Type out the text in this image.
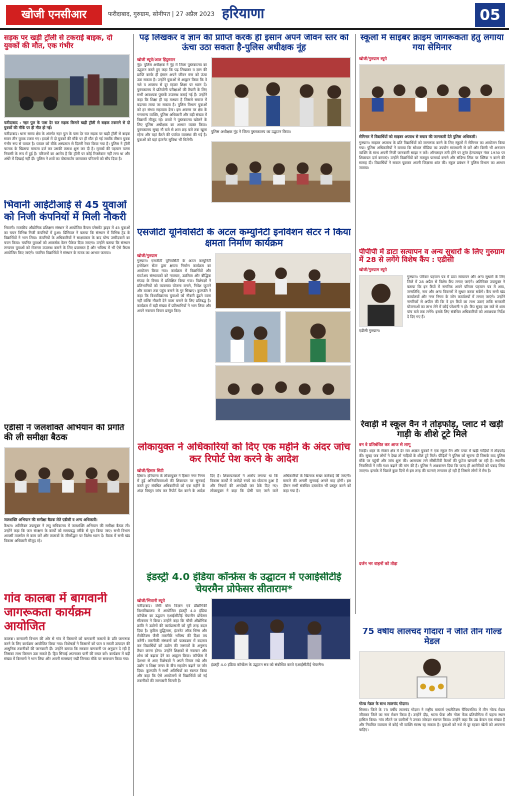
खोजी एनसीआर	फरीदाबाद, गुरुग्राम, सोनीपत | 27 अप्रैल 2023 हरियाणा	05
सड़क पर खड़ी ट्रॉली से टकराई बाइक, दो युवकों की मौत, एक गंभीर
फरीदाबाद : नहर पुल के पास देर रात सड़क किनारे खड़ी ट्रॉली से बाइक टकराने से दो युवकों की मौके पर ही मौत हो गई।
फरीदाबाद। थाना सराय क्षेत्र के अंतर्गत नहर पुल के पास देर रात सड़क पर खड़ी ट्रॉली से बाइक सवार तीन युवक टकरा गए। हादसे में दो युवकों की मौके पर ही मौत हो गई जबकि तीसरा युवक गंभीर रूप से घायल है। घायल को बीके अस्पताल से दिल्ली रेफर किया गया है। पुलिस ने ट्रॉली चालक के खिलाफ मामला दर्ज कर उसकी तलाश शुरू कर दी है। मृतकों की पहचान पल्ला निवासी के रूप में हुई है। परिजनों का आरोप है कि ट्रॉली पर कोई रिफ्लेक्टर नहीं लगा था और अंधेरे में दिखाई नहीं दी। पुलिस ने शवों का पोस्टमार्टम करवाकर परिजनों को सौंप दिया है।
भिवानी आईटीआई से 45 युवाओं को निजी कंपनियों में मिली नौकरी
भिवानी। राजकीय औद्योगिक प्रशिक्षण संस्थान में आयोजित कैंपस प्लेसमेंट ड्राइव में 45 युवाओं का चयन विभिन्न निजी कंपनियों में हुआ। प्रिंसिपल ने बताया कि संस्थान में विभिन्न ट्रेड के विद्यार्थियों ने भाग लिया। कंपनियों के अधिकारियों ने साक्षात्कार के बाद योग्य उम्मीदवारों का चयन किया। चयनित युवाओं को आकर्षक वेतन पैकेज दिया जाएगा। उन्होंने बताया कि संस्थान लगातार युवाओं को रोजगार उपलब्ध कराने के लिए प्रयासरत है और भविष्य में भी ऐसे कैंपस आयोजित किए जाएंगे। चयनित विद्यार्थियों ने संस्थान के स्टाफ का आभार जताया।
एडीसी ने जलशक्ति अभियान की प्रगति की ली समीक्षा बैठक
जलशक्ति अभियान की समीक्षा बैठक लेते एडीसी व अन्य अधिकारी।
कैथल। अतिरिक्त उपायुक्त ने लघु सचिवालय में जलशक्ति अभियान की समीक्षा बैठक ली। उन्होंने कहा कि जल संरक्षण के कार्यों को समयबद्ध तरीके से पूरा किया जाए। सभी विभाग आपसी तालमेल से काम करें और तालाबों के जीर्णोद्धार पर विशेष ध्यान दें। बैठक में सभी खंड विकास अधिकारी मौजूद रहे।
गांव कालबा में बागवानी जागरूकता कार्यक्रम आयोजित
कालबा। बागवानी विभाग की ओर से गांव में किसानों को बागवानी फसलों के प्रति जागरूक करने के लिए कार्यक्रम आयोजित किया गया। विशेषज्ञों ने किसानों को फल व सब्जी उत्पादन की आधुनिक तकनीकों की जानकारी दी। उन्होंने बताया कि सरकार बागवानी पर अनुदान दे रही है जिसका लाभ किसान उठा सकते हैं। ड्रिप सिंचाई अपनाकर पानी की बचत करें। कार्यक्रम में बड़ी संख्या में किसानों ने भाग लिया और अपनी समस्याएं रखीं जिनका मौके पर समाधान किया गया।
पढ़ लिखकर व ज्ञान की प्राप्ति करके ही इंसान अपने जीवन स्तर को ऊंचा उठा सकता है-पुलिस अधीक्षक नूंह
खोजी ब्यूरो/आल हिंदुस्तान
नूंह। पुलिस अधीक्षक ने नूंह में जिला पुस्तकालय का उद्घाटन करते हुए कहा कि पढ़ लिखकर व ज्ञान की प्राप्ति करके ही इंसान अपने जीवन स्तर को ऊंचा उठा सकता है। उन्होंने युवाओं से आह्वान किया कि वे नशे व अपराध से दूर रहकर शिक्षा पर ध्यान दें। पुस्तकालय में प्रतियोगी परीक्षाओं की तैयारी के लिए सभी आवश्यक पुस्तकें उपलब्ध कराई गई हैं। उन्होंने कहा कि शिक्षा ही वह माध्यम है जिससे समाज में बदलाव लाया जा सकता है। पुलिस विभाग युवाओं को हर संभव सहायता देगा। इस अवसर पर क्षेत्र के गणमान्य व्यक्ति, पुलिस अधिकारी और बड़ी संख्या में विद्यार्थी मौजूद रहे। छात्रों ने पुस्तकालय खोलने के लिए पुलिस अधीक्षक का आभार व्यक्त किया। पुस्तकालय सुबह नौ बजे से शाम छह बजे तक खुला रहेगा और यहां बैठने की पर्याप्त व्यवस्था की गई है। युवाओं को यहां इंटरनेट सुविधा भी मिलेगी।
पुलिस अधीक्षक नूंह ने जिला पुस्तकालय का उद्घाटन किया।
एसजीटी यूनिवर्सिटी के अटल कम्युनिटी इनोवेशन सेंटर ने किया क्षमता निर्माण कार्यक्रम
खोजी/गुरुग्राम
गुरुग्राम। एसजीटी यूनिवर्सिटी के अटल कम्युनिटी इनोवेशन सेंटर द्वारा क्षमता निर्माण कार्यक्रम का आयोजन किया गया। कार्यक्रम में विद्यार्थियों और स्टार्टअप संस्थापकों को नवाचार, उद्यमिता और बौद्धिक संपदा के विषय में प्रशिक्षित किया गया। विशेषज्ञों ने प्रतिभागियों को व्यवसाय योजना बनाने, निवेश जुटाने और बाजार तक पहुंच बनाने के गुर सिखाए। कुलपति ने कहा कि विश्वविद्यालय युवाओं को नौकरी ढूंढने वाला नहीं बल्कि नौकरी देने वाला बनाने के लिए प्रतिबद्ध है। कार्यक्रम में बड़ी संख्या में प्रतिभागियों ने भाग लिया और अपने नवाचार विचार प्रस्तुत किए।
लोकायुक्त ने अधिकारियों को दिए एक महीने के अंदर जांच कर रिपोर्ट पेश करने के आदेश
खोजी/हिसार सिटी
हिसार। हरियाणा के लोकायुक्त ने हिसार नगर निगम में हुई अनियमितताओं की शिकायत पर सुनवाई करते हुए संबंधित अधिकारियों को एक महीने के अंदर विस्तृत जांच कर रिपोर्ट पेश करने के आदेश दिए हैं। शिकायतकर्ता ने आरोप लगाया था कि विकास कार्यों में करोड़ों रुपये का घोटाला हुआ है और नियमों की अनदेखी कर ठेके दिए गए। लोकायुक्त ने कहा कि दोषी पाए जाने वाले अधिकारियों के खिलाफ सख्त कार्रवाई की जाएगी। मामले की अगली सुनवाई अगले माह होगी। इस दौरान सभी संबंधित दस्तावेज भी प्रस्तुत करने को कहा गया है।
इंडस्ट्री 4.0 इंडिया कॉन्फ्रेंस के उद्घाटन में एआईसीटीई चेयरमैन प्रोफेसर सीताराम*
खोजी/भिवानी ब्यूरो
फरीदाबाद। जेसी बोस विज्ञान एवं प्रौद्योगिकी विश्वविद्यालय में आयोजित इंडस्ट्री 4.0 इंडिया कॉन्फ्रेंस का उद्घाटन एआईसीटीई चेयरमैन प्रोफेसर सीताराम ने किया। उन्होंने कहा कि चौथी औद्योगिक क्रांति ने उद्योगों की कार्यप्रणाली को पूरी तरह बदल दिया है। कृत्रिम बुद्धिमत्ता, इंटरनेट ऑफ थिंग्स और रोबोटिक्स जैसी तकनीकें भविष्य की दिशा तय करेंगी। तकनीकी संस्थानों को पाठ्यक्रम में बदलाव कर विद्यार्थियों को उद्योग की जरूरतों के अनुरूप तैयार करना होगा। उन्होंने शिक्षकों से नवाचार और शोध को बढ़ावा देने का आह्वान किया। कॉन्फ्रेंस में देशभर से आए विशेषज्ञों ने अपने विचार रखे और उद्योग व शिक्षा जगत के बीच सहयोग बढ़ाने पर जोर दिया। कुलपति ने सभी अतिथियों का स्वागत किया और कहा कि ऐसे आयोजनों से विद्यार्थियों को नई तकनीकों की जानकारी मिलती है।
इंडस्ट्री 4.0 इंडिया कॉन्फ्रेंस के उद्घाटन सत्र को संबोधित करते एआईसीटीई चेयरमैन।
स्कूलों में साइबर क्राइम जागरूकता हेतु लगाया गया सेमिनार
खोजी/गुरुग्राम ब्यूरो
सेमिनार में विद्यार्थियों को साइबर अपराध से बचाव की जानकारी देते पुलिस अधिकारी।
गुरुग्राम। साइबर अपराध के प्रति विद्यार्थियों को जागरूक करने के लिए स्कूलों में सेमिनार का आयोजन किया गया। पुलिस अधिकारियों ने बताया कि सोशल मीडिया का उपयोग सावधानी से करें और किसी भी अनजान व्यक्ति के साथ अपनी निजी जानकारी साझा न करें। ऑनलाइन ठगी होने पर तुरंत हेल्पलाइन नंबर 1930 पर शिकायत दर्ज करवाएं। उन्होंने विद्यार्थियों को मजबूत पासवर्ड बनाने और संदिग्ध लिंक पर क्लिक न करने की सलाह दी। विद्यार्थियों ने सवाल पूछकर अपनी जिज्ञासा शांत की। स्कूल प्रबंधन ने पुलिस विभाग का आभार जताया।
पीपीपी में डाटा सत्यापन व अन्य सुधारों के लिए गुरुग्राम में 28 से लगेंगे विशेष कैंप : एडीसी
खोजी/गुरुग्राम ब्यूरो
एडीसी गुरुग्राम।
गुरुग्राम। परिवार पहचान पत्र में डाटा सत्यापन और अन्य सुधारों के लिए जिले में 28 अप्रैल से विशेष कैंप लगाए जाएंगे। अतिरिक्त उपायुक्त ने बताया कि इन कैंपों में नागरिक अपने परिवार पहचान पत्र में आय, जन्मतिथि, नाम और अन्य विवरणों में सुधार करवा सकेंगे। कैंप सभी खंड कार्यालयों और नगर निगम के जोन कार्यालयों में लगाए जाएंगे। उन्होंने नागरिकों से अपील की कि वे इन कैंपों का लाभ उठाएं ताकि सरकारी योजनाओं का लाभ लेने में कोई परेशानी न हो। कैंप सुबह दस बजे से शाम पांच बजे तक लगेंगे। इसके लिए संबंधित अधिकारियों को आवश्यक निर्देश दे दिए गए हैं।
रेवाड़ी में स्कूल वैन ने तोड़फोड़, प्लाट में खड़ी गाड़ी के शीशे टूटे मिले
वन वे प्रतिबंधित कर आज से लागू
रेवाड़ी। शहर के सेक्टर क्षेत्र में देर रात अज्ञात युवकों ने एक स्कूल वैन और प्लाट में खड़ी गाड़ियों में तोड़फोड़ की। सुबह जब लोगों ने देखा तो गाड़ियों के शीशे टूटे मिले। पीड़ितों ने पुलिस को सूचना दी जिसके बाद पुलिस मौके पर पहुंची और जांच शुरू की। आसपास लगे सीसीटीवी कैमरों की फुटेज खंगाली जा रही है। स्थानीय निवासियों ने रात्रि गश्त बढ़ाने की मांग की है। पुलिस ने आश्वासन दिया कि जल्द ही आरोपियों को पकड़ लिया जाएगा। इलाके में पिछले कुछ दिनों से इस तरह की घटनाएं लगातार हो रही हैं जिससे लोगों में रोष है।
दर्जन भर वाहनों को तोड़ा
75 वर्षीय लालचंद गोदारा ने जीते तीन गोल्ड मेडल
गोल्ड मेडल के साथ लालचंद गोदारा।
सिरसा। जिले के 75 वर्षीय लालचंद गोदारा ने राष्ट्रीय मास्टर्स एथलेटिक्स चैंपियनशिप में तीन गोल्ड मेडल जीतकर जिले का नाम रोशन किया है। उन्होंने दौड़, भाला फेंक और गोला फेंक प्रतियोगिता में पहला स्थान हासिल किया। गांव लौटने पर ग्रामीणों ने उनका जोरदार स्वागत किया। उन्होंने कहा कि उम्र केवल एक संख्या है और नियमित व्यायाम से कोई भी व्यक्ति स्वस्थ रह सकता है। युवाओं को नशे से दूर रहकर खेलों को अपनाना चाहिए।
